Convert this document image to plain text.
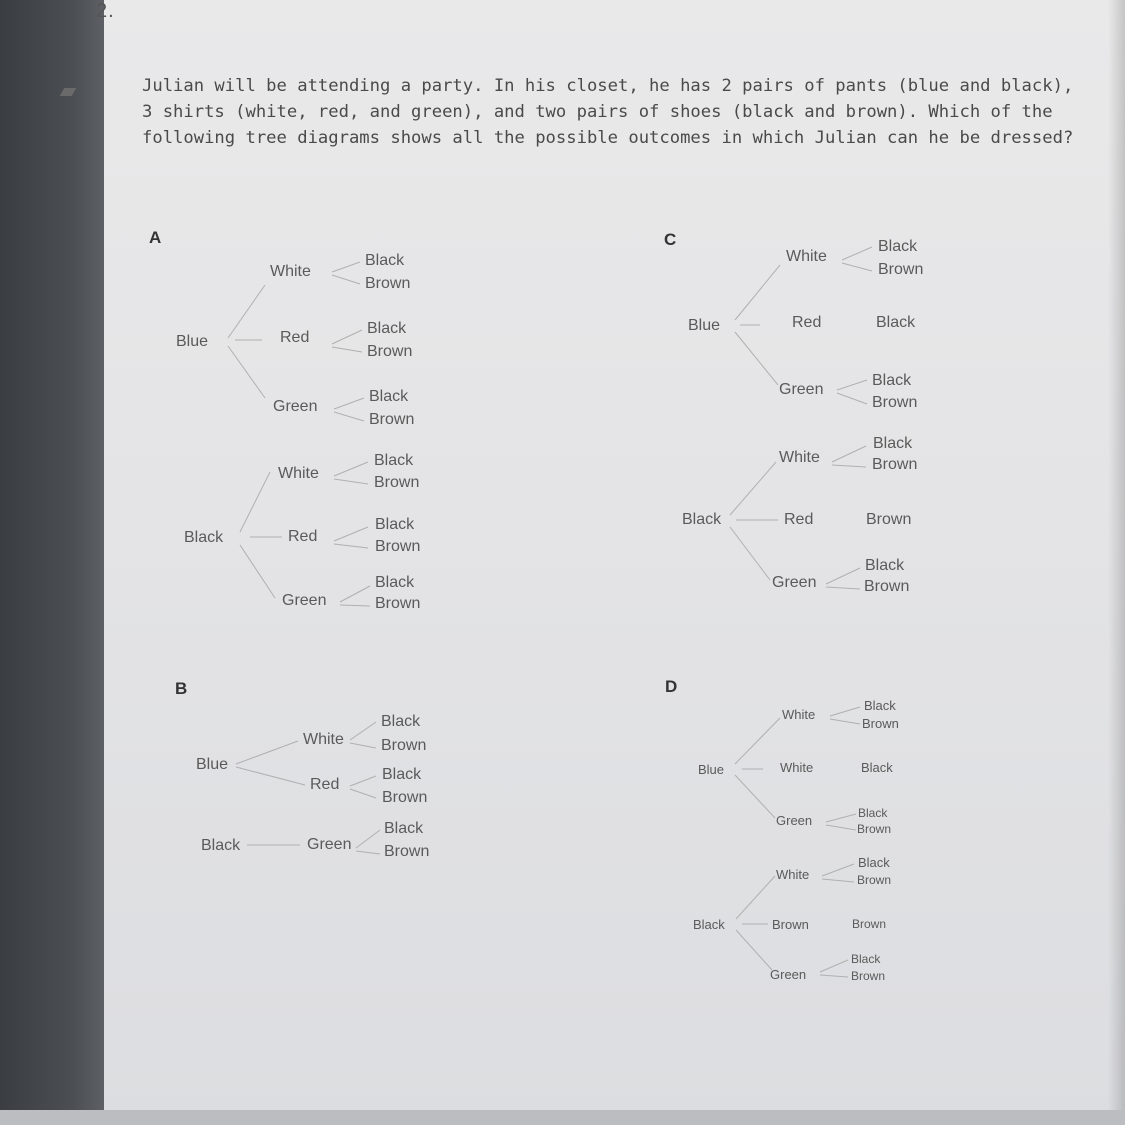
2.
Julian will be attending a party. In his closet, he has 2 pairs of pants (blue and black),
3 shirts (white, red, and green), and two pairs of shoes (black and brown). Which of the
following tree diagrams shows all the possible outcomes in which Julian can he be dressed?
A
Blue
Black
White
Red
Green
White
Red
Green
Black
Brown
Black
Brown
Black
Brown
Black
Brown
Black
Brown
Black
Brown
B
Blue
Black
White
Red
Green
Black
Brown
Black
Brown
Black
Brown
C
Blue
Black
White
Red
Green
White
Red
Green
Black
Brown
Black
Black
Brown
Black
Brown
Brown
Black
Brown
D
Blue
Black
White
White
Green
White
Brown
Green
Black
Brown
Black
Black
Brown
Black
Brown
Brown
Black
Brown
